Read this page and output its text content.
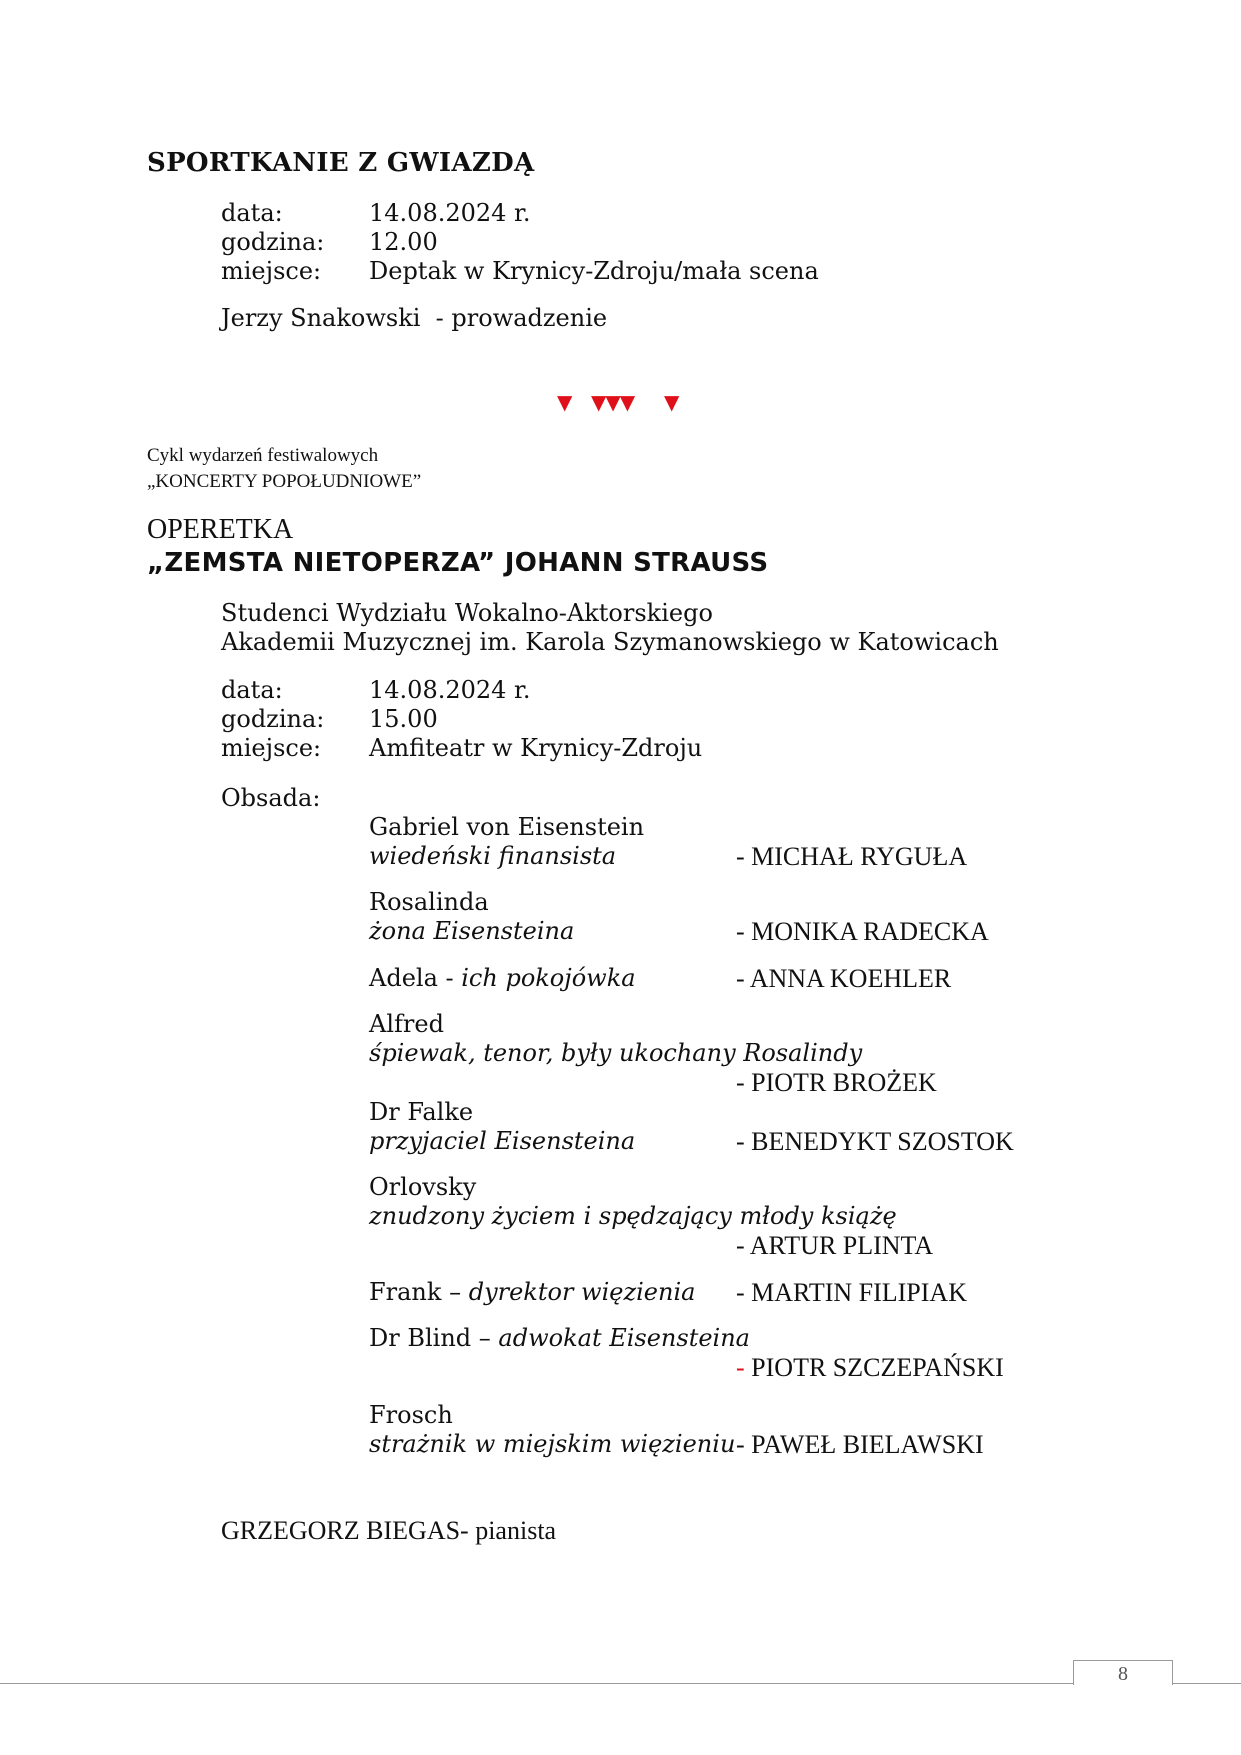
SPORTKANIE Z GWIAZDĄ
data:	14.08.2024 r.
godzina: 12.00
miejsce: Deptak w Krynicy-Zdroju/mała scena
Jerzy Snakowski  - prowadzenie
▼ ▼▼▼ ▼
Cykl wydarzeń festiwalowych
„KONCERTY POPOŁUDNIOWE”
OPERETKA
„ZEMSTA NIETOPERZA” JOHANN STRAUSS
Studenci Wydziału Wokalno-Aktorskiego
Akademii Muzycznej im. Karola Szymanowskiego w Katowicach
data:	14.08.2024 r.
godzina: 15.00
miejsce: Amfiteatr w Krynicy-Zdroju
Obsada:
Gabriel von Eisenstein
wiedeński finansista	- MICHAŁ RYGUŁA
Rosalinda
żona Eisensteina	- MONIKA RADECKA
Adela - ich pokojówka	- ANNA KOEHLER
Alfred
śpiewak, tenor, były ukochany Rosalindy
- PIOTR BROŻEK
Dr Falke
przyjaciel Eisensteina	- BENEDYKT SZOSTOK
Orlovsky
znudzony życiem i spędzający młody książę
- ARTUR PLINTA
Frank – dyrektor więzienia - MARTIN FILIPIAK
Dr Blind – adwokat Eisensteina
- PIOTR SZCZEPAŃSKI
Frosch
strażnik w miejskim więzieniu - PAWEŁ BIELAWSKI
GRZEGORZ BIEGAS- pianista
8
